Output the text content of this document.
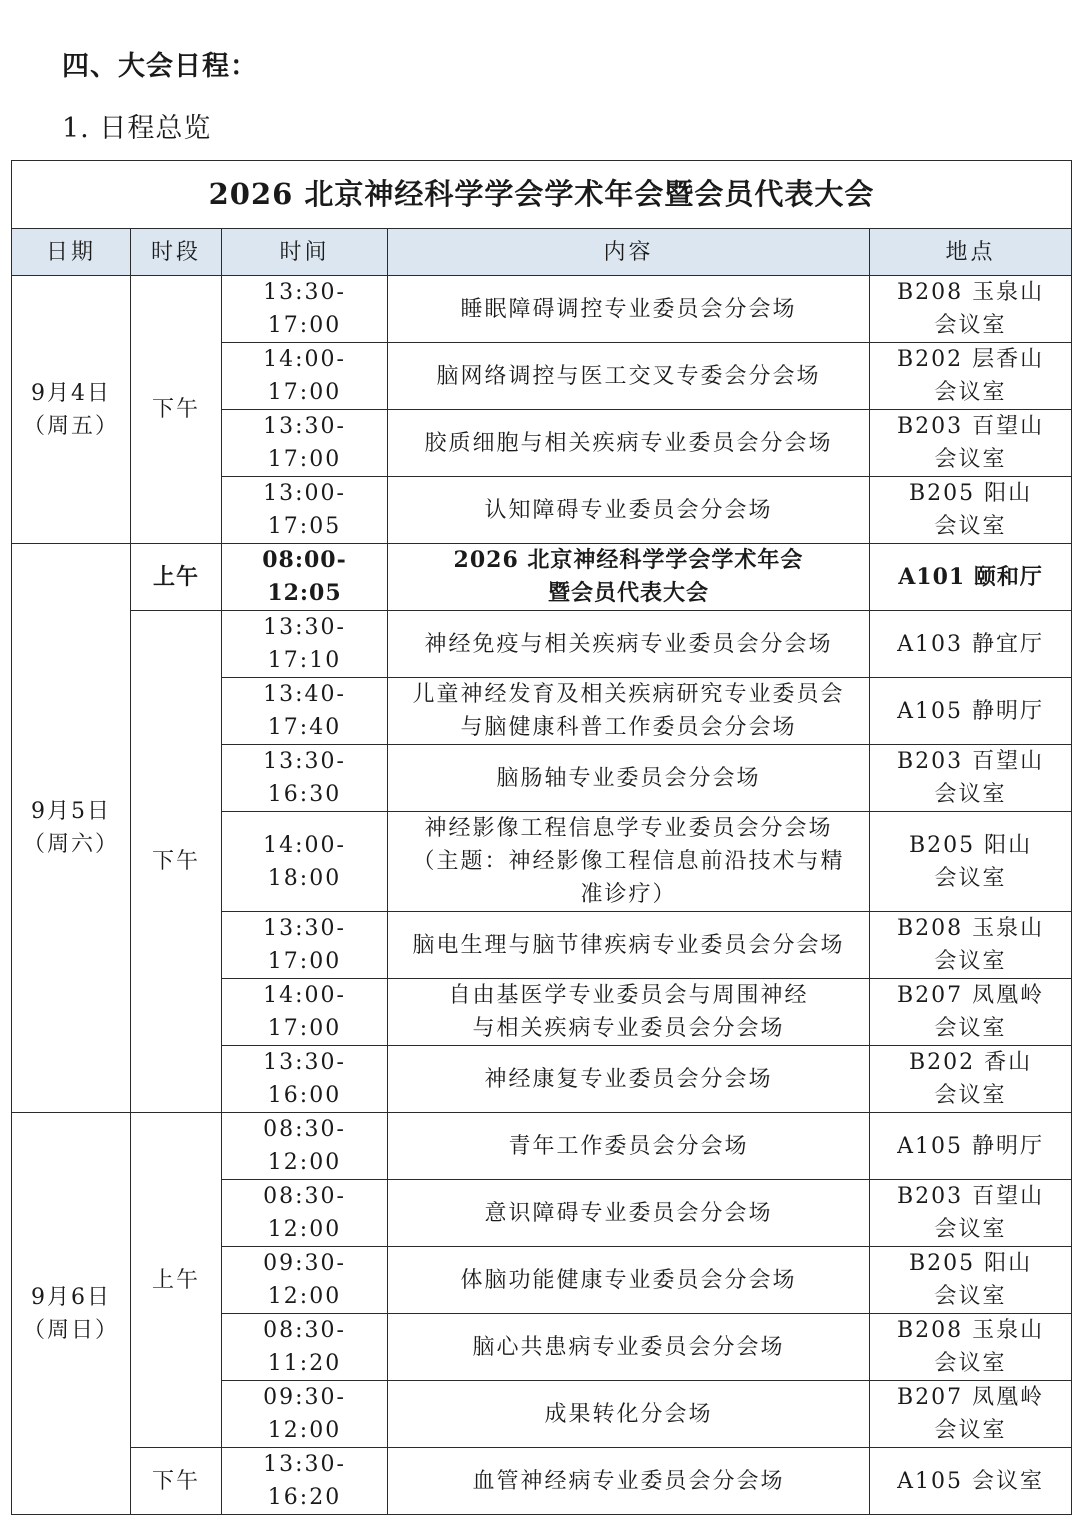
四、大会日程：
1. 日程总览
2026 北京神经科学学会学术年会暨会员代表大会				
日期	时段	时间	内容	地点
9月4日
（周五）	下午	13:30-17:00	睡眠障碍调控专业委员会分会场	B208 玉泉山
会议室
		14:00-17:00	脑网络调控与医工交叉专委会分会场	B202 层香山
会议室
		13:30-17:00	胶质细胞与相关疾病专业委员会分会场	B203 百望山
会议室
		13:00-17:05	认知障碍专业委员会分会场	B205 阳山
会议室
9月5日
（周六）	上午	08:00-12:05	2026 北京神经科学学会学术年会
暨会员代表大会	A101 颐和厅
	下午	13:30-17:10	神经免疫与相关疾病专业委员会分会场	A103 静宜厅
		13:40-17:40	儿童神经发育及相关疾病研究专业委员会
与脑健康科普工作委员会分会场	A105 静明厅
		13:30-16:30	脑肠轴专业委员会分会场	B203 百望山
会议室
		14:00-18:00	神经影像工程信息学专业委员会分会场
（主题：神经影像工程信息前沿技术与精
准诊疗）	B205 阳山
会议室
		13:30-17:00	脑电生理与脑节律疾病专业委员会分会场	B208 玉泉山
会议室
		14:00-17:00	自由基医学专业委员会与周围神经
与相关疾病专业委员会分会场	B207 凤凰岭
会议室
		13:30-16:00	神经康复专业委员会分会场	B202 香山
会议室
9月6日
（周日）	上午	08:30-12:00	青年工作委员会分会场	A105 静明厅
		08:30-12:00	意识障碍专业委员会分会场	B203 百望山
会议室
		09:30-12:00	体脑功能健康专业委员会分会场	B205 阳山
会议室
		08:30-11:20	脑心共患病专业委员会分会场	B208 玉泉山
会议室
		09:30-12:00	成果转化分会场	B207 凤凰岭
会议室
	下午	13:30-16:20	血管神经病专业委员会分会场	A105 会议室
